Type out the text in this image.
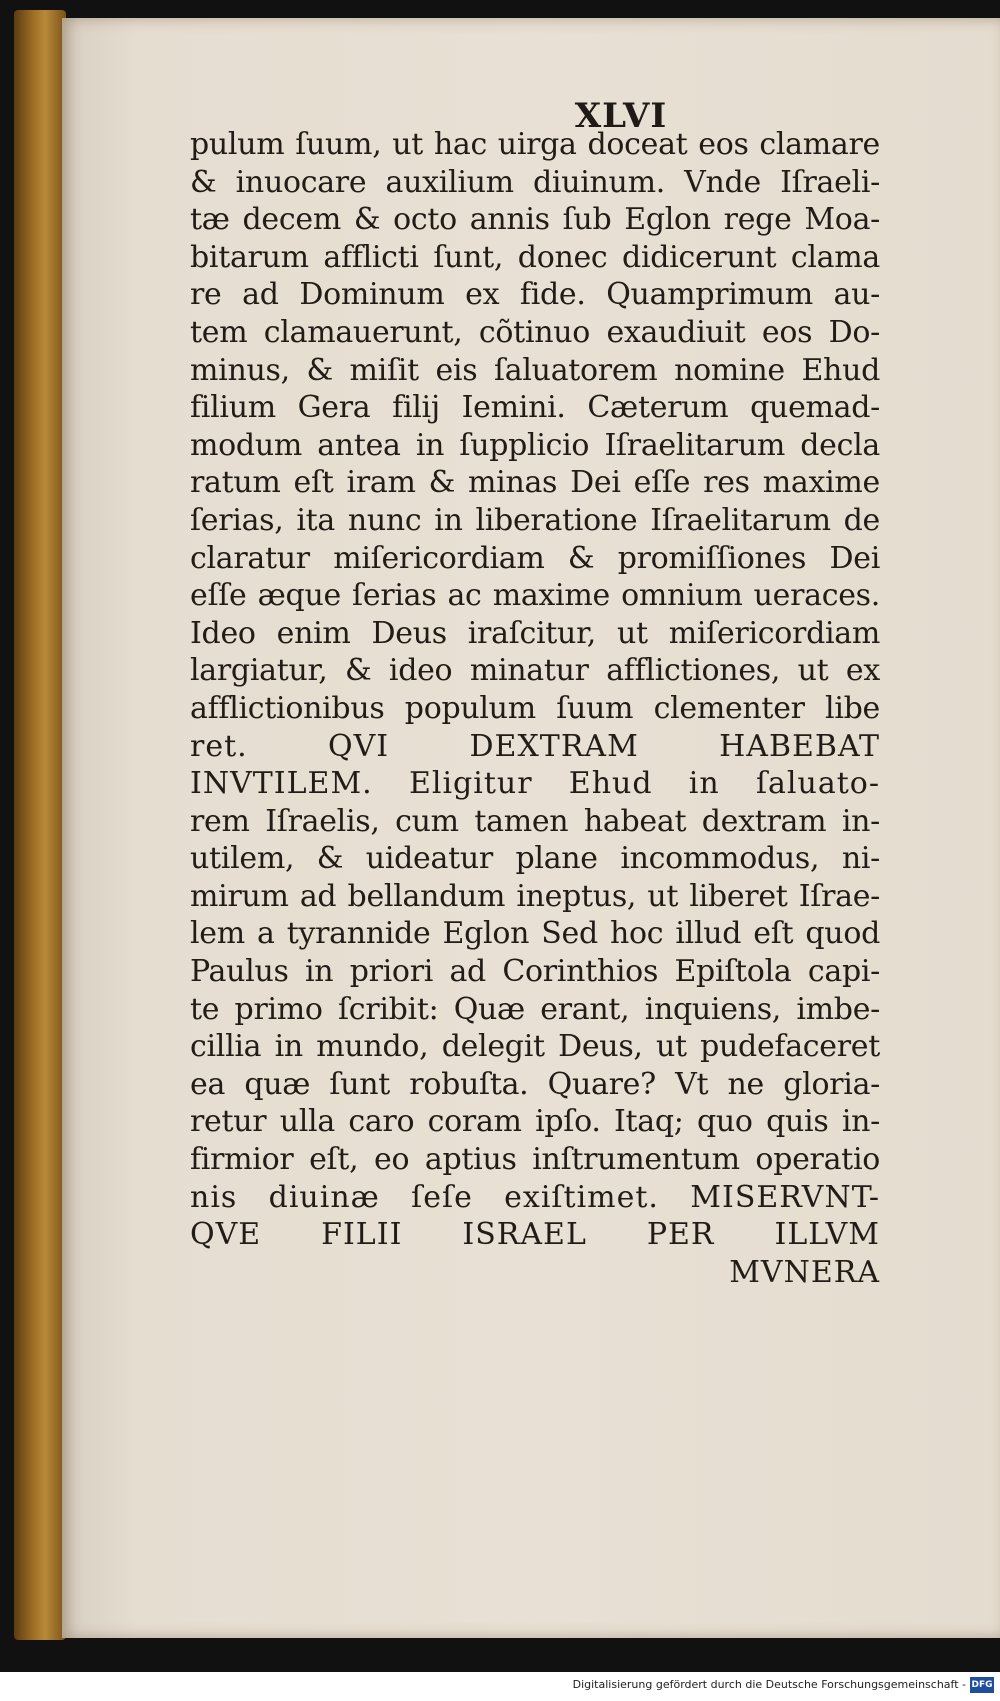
XLVI
pulum ſuum, ut hac uirga doceat eos clamare
& inuocare auxilium diuinum. Vnde Iſraeli-
tæ decem & octo annis ſub Eglon rege Moa-
bitarum afflicti ſunt, donec didicerunt clama
re ad Dominum ex fide. Quamprimum au-
tem clamauerunt, cõtinuo exaudiuit eos Do-
minus, & miſit eis ſaluatorem nomine Ehud
filium Gera filij Iemini. Cæterum quemad-
modum antea in ſupplicio Iſraelitarum decla
ratum eſt iram & minas Dei eſſe res maxime
ſerias, ita nunc in liberatione Iſraelitarum de
claratur miſericordiam & promiſſiones Dei
eſſe æque ſerias ac maxime omnium ueraces.
Ideo enim Deus iraſcitur, ut miſericordiam
largiatur, & ideo minatur afflictiones, ut ex
afflictionibus populum ſuum clementer libe
ret. QVI DEXTRAM HABEBAT
INVTILEM. Eligitur Ehud in ſaluato-
rem Iſraelis, cum tamen habeat dextram in-
utilem, & uideatur plane incommodus, ni-
mirum ad bellandum ineptus, ut liberet Iſrae-
lem a tyrannide Eglon Sed hoc illud eſt quod
Paulus in priori ad Corinthios Epiſtola capi-
te primo ſcribit: Quæ erant, inquiens, imbe-
cillia in mundo, delegit Deus, ut pudefaceret
ea quæ ſunt robuſta. Quare? Vt ne gloria-
retur ulla caro coram ipſo. Itaq; quo quis in-
firmior eſt, eo aptius inſtrumentum operatio
nis diuinæ ſeſe exiſtimet. MISERVNT-
QVE FILII ISRAEL PER ILLVM
MVNERA
Digitalisierung gefördert durch die Deutsche Forschungsgemeinschaft - DFG
